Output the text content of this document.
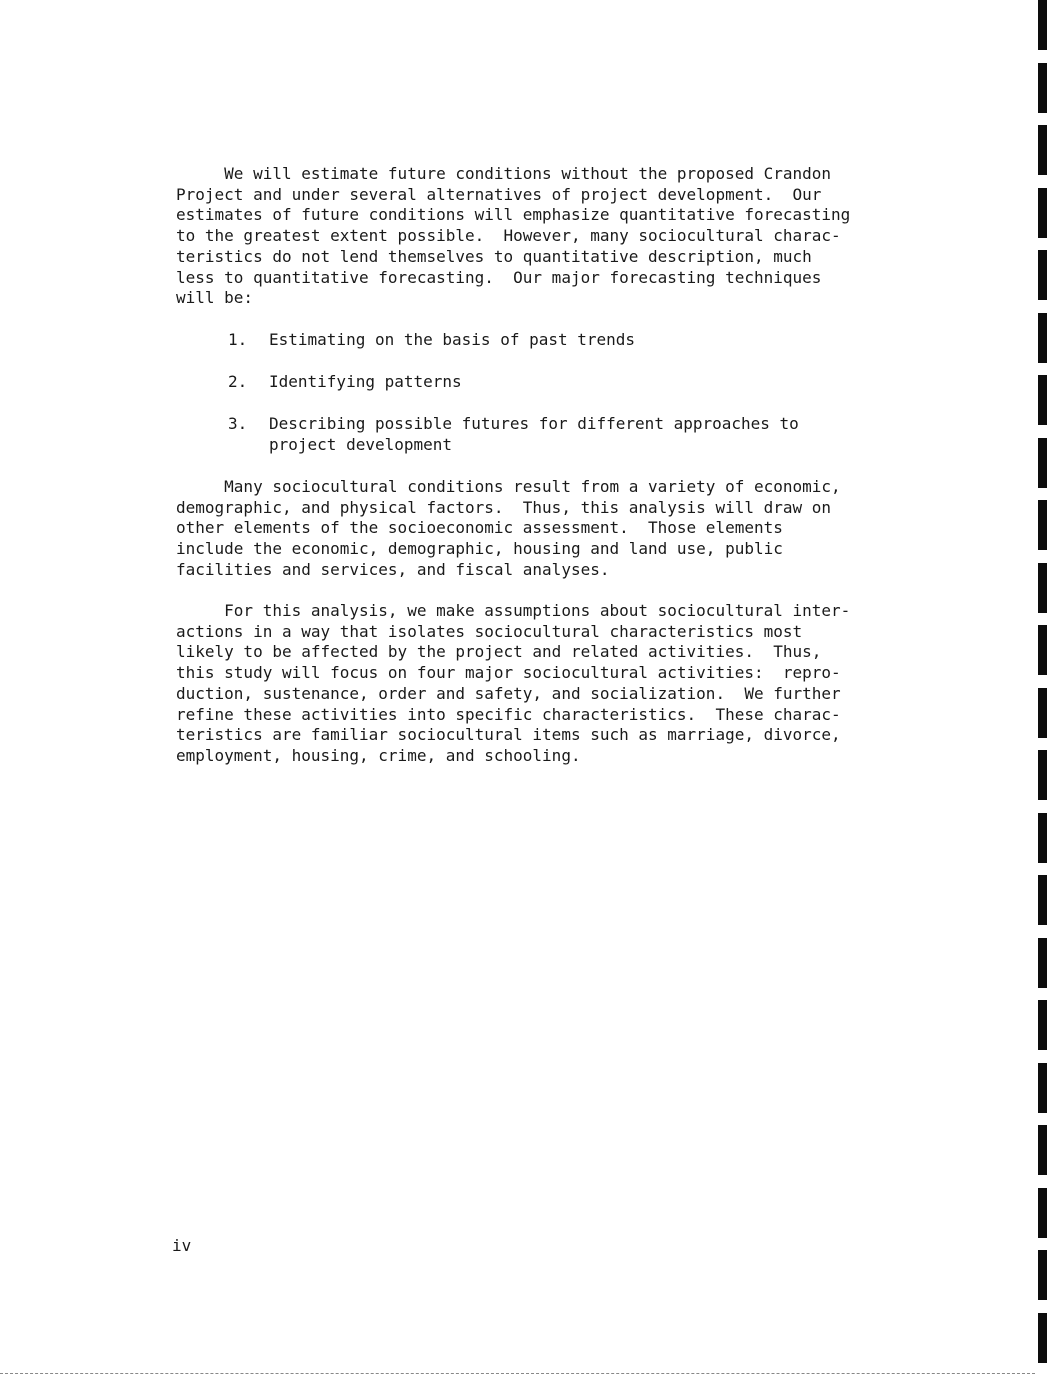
We will estimate future conditions without the proposed Crandon
Project and under several alternatives of project development.  Our
estimates of future conditions will emphasize quantitative forecasting
to the greatest extent possible.  However, many sociocultural charac-
teristics do not lend themselves to quantitative description, much
less to quantitative forecasting.  Our major forecasting techniques
will be:

1.

Estimating on the basis of past trends

2.

Identifying patterns

3.

Describing possible futures for different approaches to
project development

Many sociocultural conditions result from a variety of economic,
demographic, and physical factors.  Thus, this analysis will draw on
other elements of the socioeconomic assessment.  Those elements
include the economic, demographic, housing and land use, public
facilities and services, and fiscal analyses.

For this analysis, we make assumptions about sociocultural inter-
actions in a way that isolates sociocultural characteristics most
likely to be affected by the project and related activities.  Thus,
this study will focus on four major sociocultural activities:  repro-
duction, sustenance, order and safety, and socialization.  We further
refine these activities into specific characteristics.  These charac-
teristics are familiar sociocultural items such as marriage, divorce,
employment, housing, crime, and schooling.

iv
